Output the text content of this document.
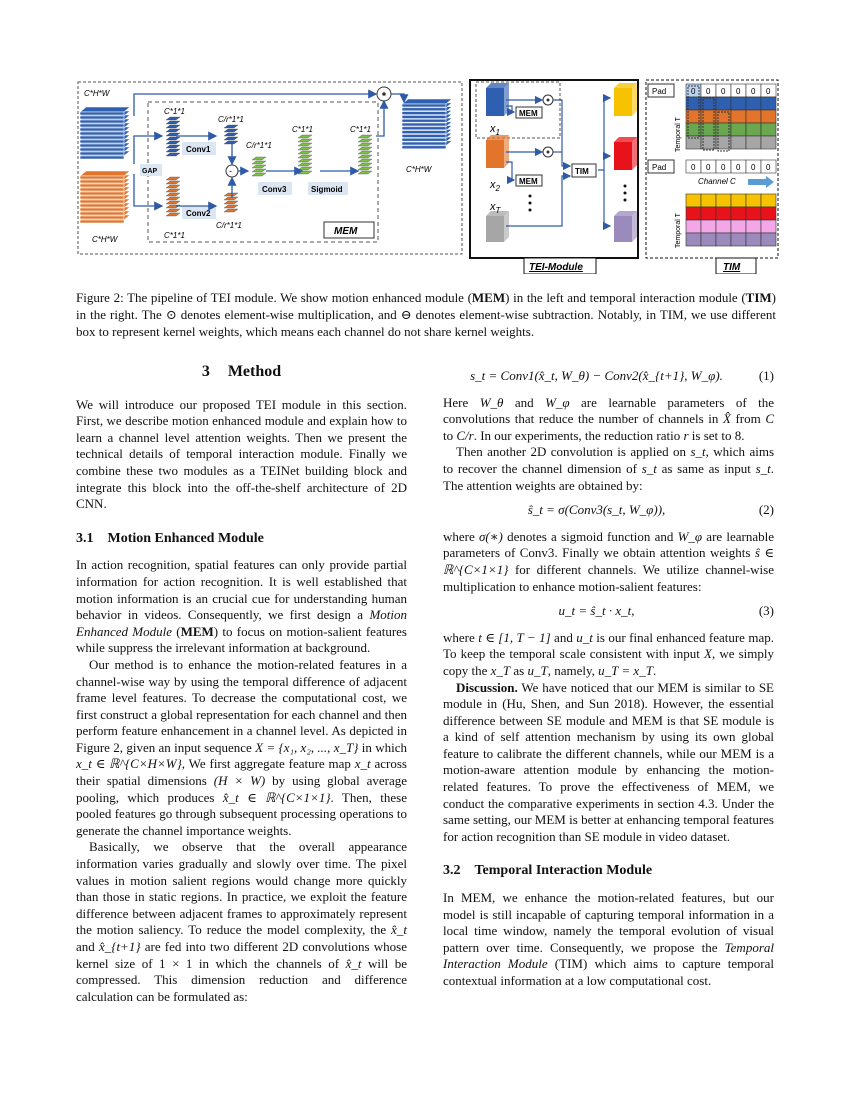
C*H*W
C*H*W
C*H*W
C*1*1
C*1*1
C/r*1*1
C/r*1*1
C/r*1*1
C*1*1	C*1*1
GAP
Conv1
Conv2
Conv3	Sigmoid
-
MEM
$x_1$
$x_2$
$x_T$
MEM
MEM
TIM
TEI-Module
0 0 0 0 0 0
0 0 0 0 0 0
Pad
Pad
Temporal T
Temporal T
Channel C
TIM
Figure 2: The pipeline of TEI module. We show motion enhanced module (MEM) in the left and temporal interaction module (TIM) in the right. The ⊙ denotes element-wise multiplication, and ⊖ denotes element-wise subtraction. Notably, in TIM, we use different box to represent kernel weights, which means each channel do not share kernel weights.
3 Method

We will introduce our proposed TEI module in this section. First, we describe motion enhanced module and explain how to learn a channel level attention weights. Then we present the technical details of temporal interaction module. Finally we combine these two modules as a TEINet building block and integrate this block into the off-the-shelf architecture of 2D CNN.

3.1 Motion Enhanced Module

In action recognition, spatial features can only provide partial information for action recognition. It is well established that motion information is an crucial cue for understanding human behavior in videos. Consequently, we first design a Motion Enhanced Module (MEM) to focus on motion-salient features while suppress the irrelevant information at background.

Our method is to enhance the motion-related features in a channel-wise way by using the temporal difference of adjacent frame level features. To decrease the computational cost, we first construct a global representation for each channel and then perform feature enhancement in a channel level. As depicted in Figure 2, given an input sequence X = {x₁, x₂, ..., x_T} in which x_t ∈ ℝ^{C×H×W}, We first aggregate feature map x_t across their spatial dimensions (H × W) by using global average pooling, which produces x̂_t ∈ ℝ^{C×1×1}. Then, these pooled features go through subsequent processing operations to generate the channel importance weights.

Basically, we observe that the overall appearance information varies gradually and slowly over time. The pixel values in motion salient regions would change more quickly than those in static regions. In practice, we exploit the feature difference between adjacent frames to approximately represent the motion saliency. To reduce the model complexity, the x̂_t and x̂_{t+1} are fed into two different 2D convolutions whose kernel size of 1 × 1 in which the channels of x̂_t will be compressed. This dimension reduction and difference calculation can be formulated as:

s_t = Conv1(x̂_t, W_θ) − Conv2(x̂_{t+1}, W_φ).	(1)

Here W_θ and W_φ are learnable parameters of the convolutions that reduce the number of channels in X̂ from C to C/r. In our experiments, the reduction ratio r is set to 8.

Then another 2D convolution is applied on s_t, which aims to recover the channel dimension of s_t as same as input s_t. The attention weights are obtained by:

ŝ_t = σ(Conv3(s_t, W_φ)),	(2)

where σ(∗) denotes a sigmoid function and W_φ are learnable parameters of Conv3. Finally we obtain attention weights ŝ ∈ ℝ^{C×1×1} for different channels. We utilize channel-wise multiplication to enhance motion-salient features:

u_t = ŝ_t · x_t,	(3)

where t ∈ [1, T − 1] and u_t is our final enhanced feature map. To keep the temporal scale consistent with input X, we simply copy the x_T as u_T, namely, u_T = x_T.

Discussion. We have noticed that our MEM is similar to SE module in (Hu, Shen, and Sun 2018). However, the essential difference between SE module and MEM is that SE module is a kind of self attention mechanism by using its own global feature to calibrate the different channels, while our MEM is a motion-aware attention module by enhancing the motion-related features. To prove the effectiveness of MEM, we conduct the comparative experiments in section 4.3. Under the same setting, our MEM is better at enhancing temporal features for action recognition than SE module in video dataset.

3.2 Temporal Interaction Module

In MEM, we enhance the motion-related features, but our model is still incapable of capturing temporal information in a local time window, namely the temporal evolution of visual pattern over time. Consequently, we propose the Temporal Interaction Module (TIM) which aims to capture temporal contextual information at a low computational cost.
